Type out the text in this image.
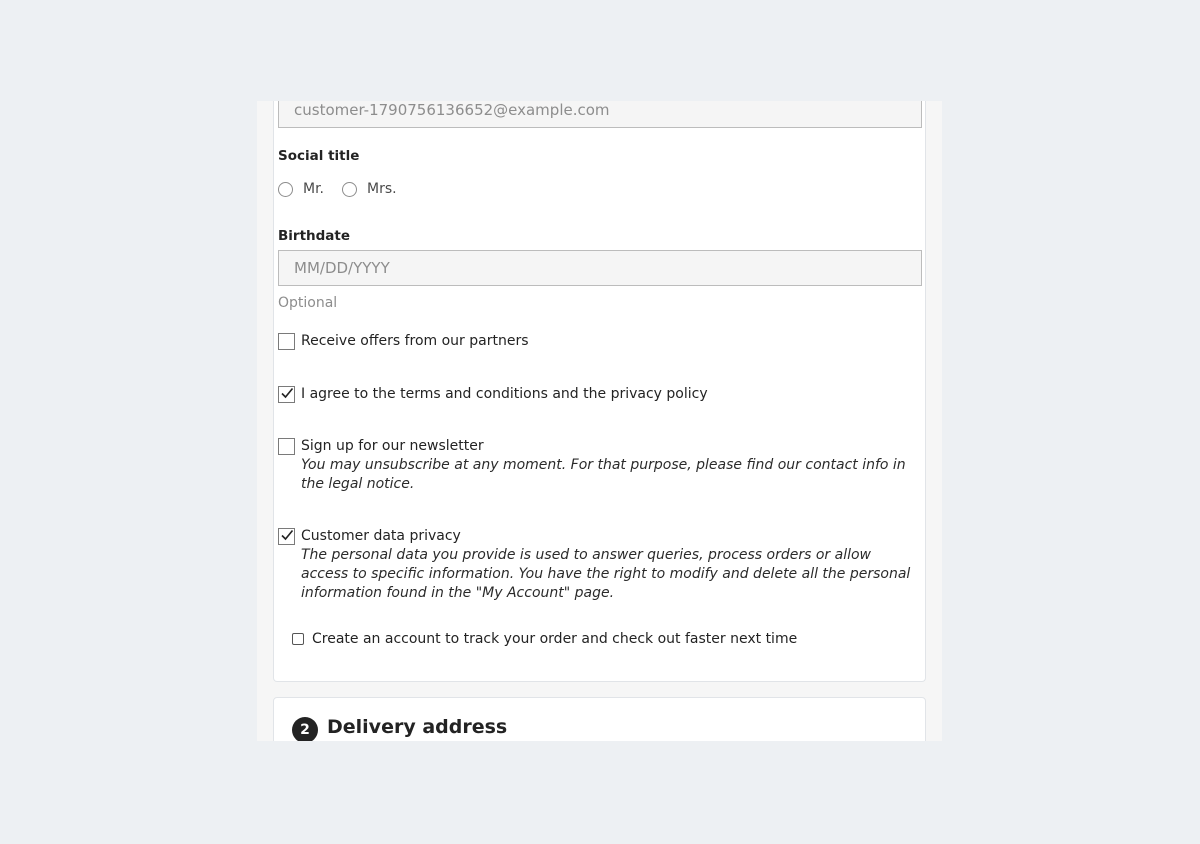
customer-1790756136652@example.com
Social title
Mr.	Mrs.
Birthdate
MM/DD/YYYY
Optional
Receive offers from our partners
I agree to the terms and conditions and the privacy policy
Sign up for our newsletter
You may unsubscribe at any moment. For that purpose, please find our contact info in the legal notice.
Customer data privacy
The personal data you provide is used to answer queries, process orders or allow access to specific information. You have the right to modify and delete all the personal information found in the "My Account" page.
Create an account to track your order and check out faster next time
2 Delivery address
